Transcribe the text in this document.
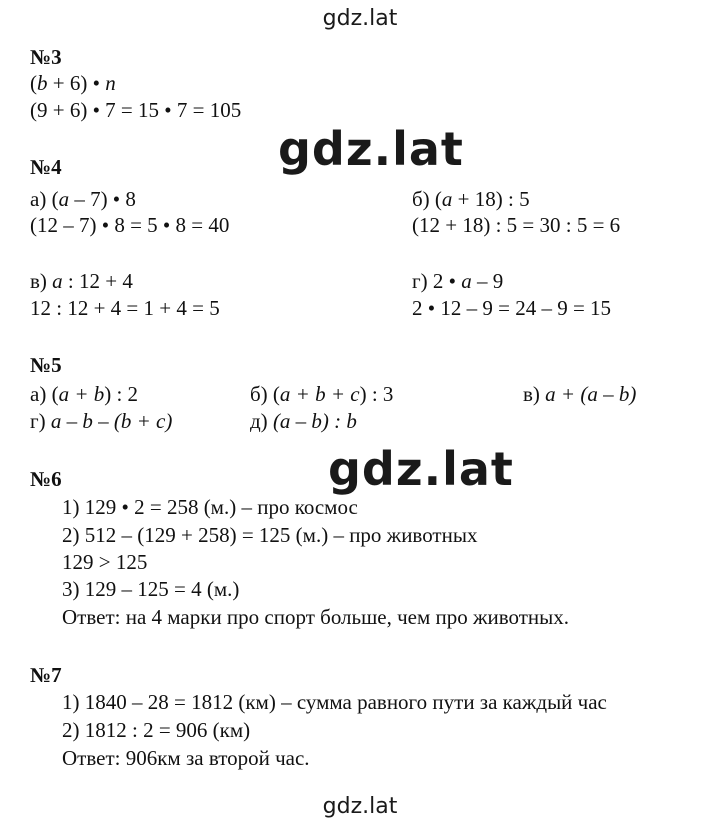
gdz.lat
gdz.lat
gdz.lat
gdz.lat
№3
(b + 6) • n
(9 + 6) • 7 = 15 • 7 = 105
№4
а) (a – 7) • 8
(12 – 7) • 8 = 5 • 8 = 40
б) (a + 18) : 5
(12 + 18) : 5 = 30 : 5 = 6
в) a : 12 + 4
12 : 12 + 4 = 1 + 4 = 5
г) 2 • a – 9
2 • 12 – 9 = 24 – 9 = 15
№5
а) (a + b) : 2	б) (a + b + c) : 3	в) a + (a – b)
г) a – b – (b + c)	д) (a – b) : b
№6
1) 129 • 2 = 258 (м.) – про космос
2) 512 – (129 + 258) = 125 (м.) – про животных
129 > 125
3) 129 – 125 = 4 (м.)
Ответ: на 4 марки про спорт больше, чем про животных.
№7
1) 1840 – 28 = 1812 (км) – сумма равного пути за каждый час
2) 1812 : 2 = 906 (км)
Ответ: 906км за второй час.
